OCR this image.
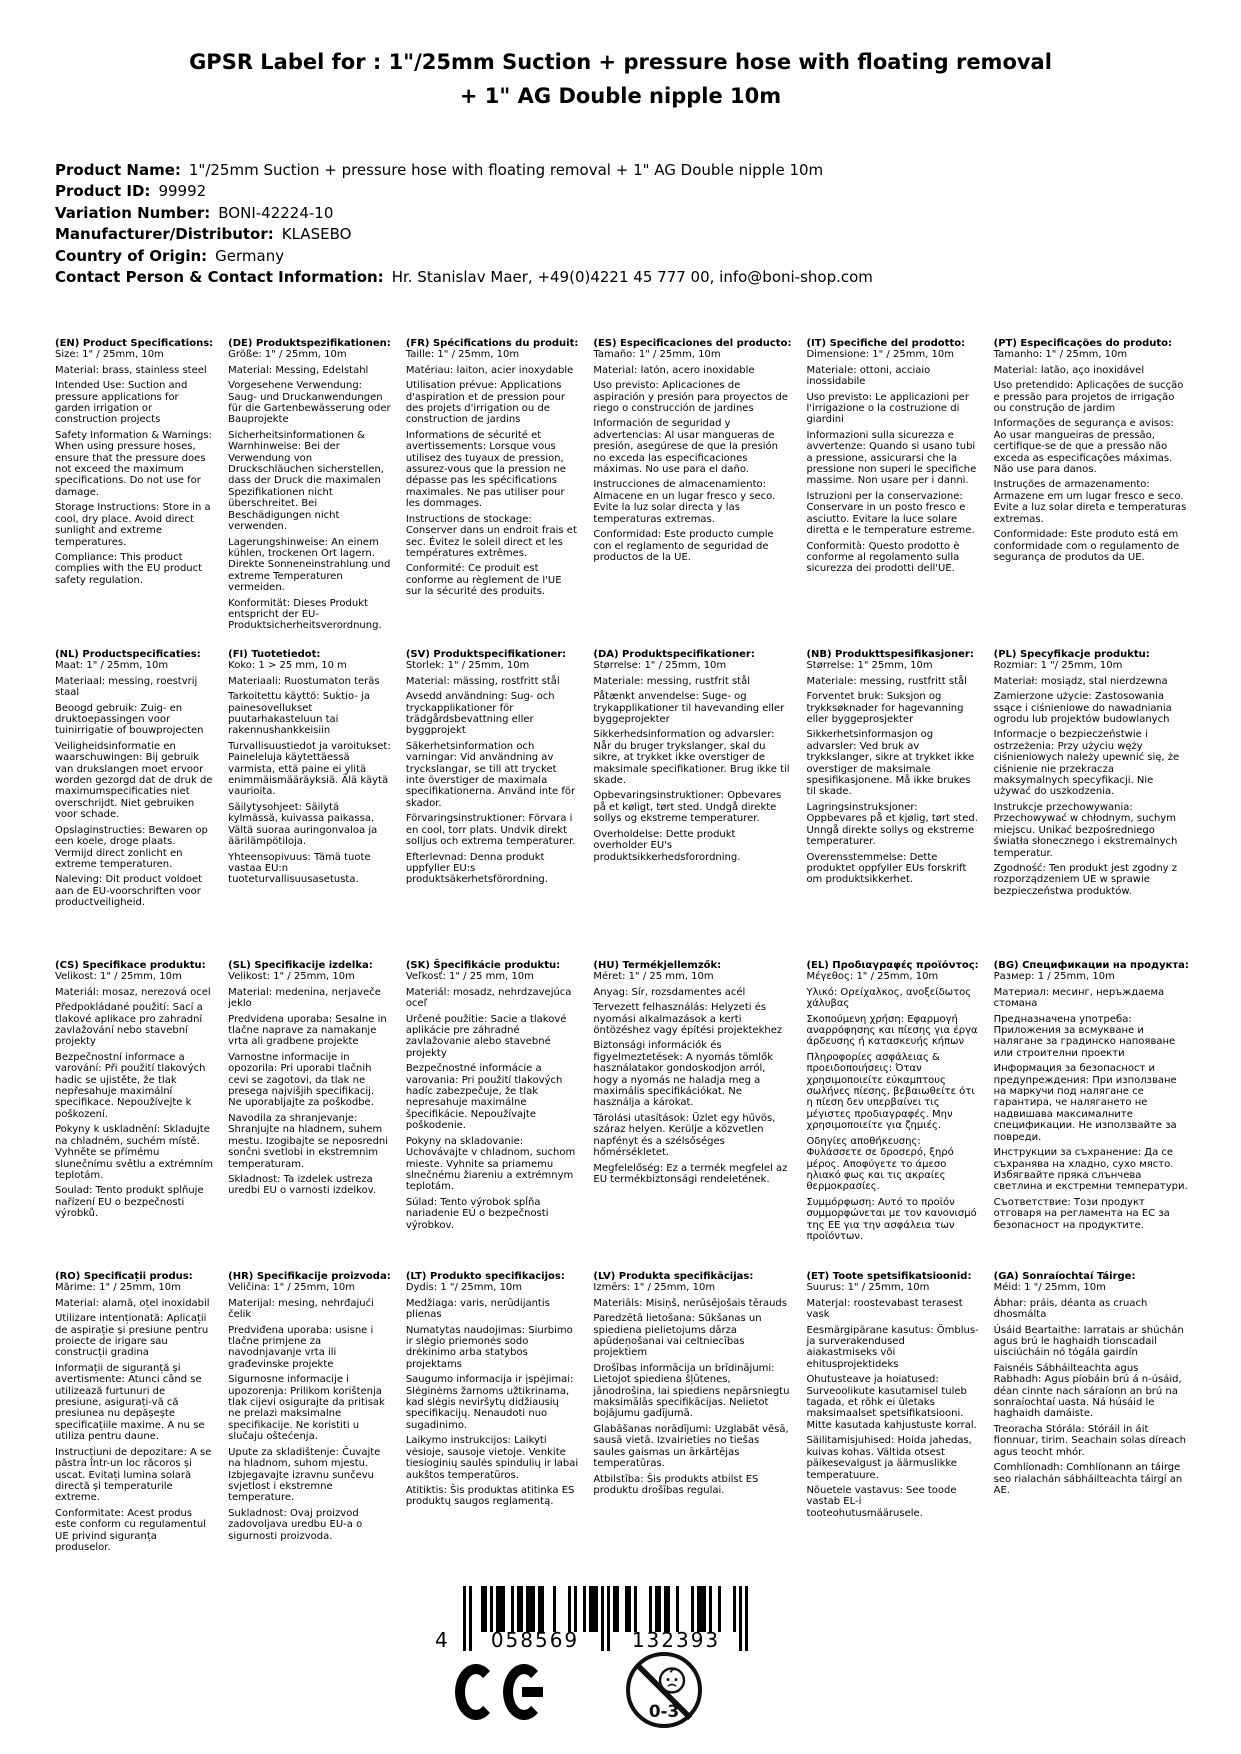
GPSR Label for : 1"/25mm Suction + pressure hose with floating removal + 1" AG Double nipple 10m
Product Name: 1"/25mm Suction + pressure hose with floating removal + 1" AG Double nipple 10m
Product ID: 99992
Variation Number: BONI-42224-10
Manufacturer/Distributor: KLASEBO
Country of Origin: Germany
Contact Person & Contact Information: Hr. Stanislav Maer, +49(0)4221 45 777 00, info@boni-shop.com
(EN) Product Specifications:

Size: 1" / 25mm, 10m

Material: brass, stainless steel

Intended Use: Suction and pressure applications for garden irrigation or construction projects

Safety Information & Warnings: When using pressure hoses, ensure that the pressure does not exceed the maximum specifications. Do not use for damage.

Storage Instructions: Store in a cool, dry place. Avoid direct sunlight and extreme temperatures.

Compliance: This product complies with the EU product safety regulation.

(DE) Produktspezifikationen:

Größe: 1" / 25mm, 10m

Material: Messing, Edelstahl

Vorgesehene Verwendung: Saug- und Druckanwendungen für die Gartenbewässerung oder Bauprojekte

Sicherheitsinformationen & Warnhinweise: Bei der Verwendung von Druckschläuchen sicherstellen, dass der Druck die maximalen Spezifikationen nicht überschreitet. Bei Beschädigungen nicht verwenden.

Lagerungshinweise: An einem kühlen, trockenen Ort lagern. Direkte Sonneneinstrahlung und extreme Temperaturen vermeiden.

Konformität: Dieses Produkt entspricht der EU-Produktsicherheitsverordnung.

(FR) Spécifications du produit:

Taille: 1" / 25mm, 10m

Matériau: laiton, acier inoxydable

Utilisation prévue: Applications d'aspiration et de pression pour des projets d'irrigation ou de construction de jardins

Informations de sécurité et avertissements: Lorsque vous utilisez des tuyaux de pression, assurez-vous que la pression ne dépasse pas les spécifications maximales. Ne pas utiliser pour les dommages.

Instructions de stockage: Conserver dans un endroit frais et sec. Évitez le soleil direct et les températures extrêmes.

Conformité: Ce produit est conforme au règlement de l'UE sur la sécurité des produits.

(ES) Especificaciones del producto:

Tamaño: 1" / 25mm, 10m

Material: latón, acero inoxidable

Uso previsto: Aplicaciones de aspiración y presión para proyectos de riego o construcción de jardines

Información de seguridad y advertencias: Al usar mangueras de presión, asegúrese de que la presión no exceda las especificaciones máximas. No use para el daño.

Instrucciones de almacenamiento: Almacene en un lugar fresco y seco. Evite la luz solar directa y las temperaturas extremas.

Conformidad: Este producto cumple con el reglamento de seguridad de productos de la UE.

(IT) Specifiche del prodotto:

Dimensione: 1" / 25mm, 10m

Materiale: ottoni, acciaio inossidabile

Uso previsto: Le applicazioni per l'irrigazione o la costruzione di giardini

Informazioni sulla sicurezza e avvertenze: Quando si usano tubi a pressione, assicurarsi che la pressione non superi le specifiche massime. Non usare per i danni.

Istruzioni per la conservazione: Conservare in un posto fresco e asciutto. Evitare la luce solare diretta e le temperature estreme.

Conformità: Questo prodotto è conforme al regolamento sulla sicurezza dei prodotti dell'UE.

(PT) Especificações do produto:

Tamanho: 1" / 25mm, 10m

Material: latão, aço inoxidável

Uso pretendido: Aplicações de sucção e pressão para projetos de irrigação ou construção de jardim

Informações de segurança e avisos: Ao usar mangueiras de pressão, certifique-se de que a pressão não exceda as especificações máximas. Não use para danos.

Instruções de armazenamento: Armazene em um lugar fresco e seco. Evite a luz solar direta e temperaturas extremas.

Conformidade: Este produto está em conformidade com o regulamento de segurança de produtos da UE.

(NL) Productspecificaties:

Maat: 1" / 25mm, 10m

Materiaal: messing, roestvrij staal

Beoogd gebruik: Zuig- en druktoepassingen voor tuinirrigatie of bouwprojecten

Veiligheidsinformatie en waarschuwingen: Bij gebruik van drukslangen moet ervoor worden gezorgd dat de druk de maximumspecificaties niet overschrijdt. Niet gebruiken voor schade.

Opslaginstructies: Bewaren op een koele, droge plaats. Vermijd direct zonlicht en extreme temperaturen.

Naleving: Dit product voldoet aan de EU-voorschriften voor productveiligheid.

(FI) Tuotetiedot:

Koko: 1 > 25 mm, 10 m

Materiaali: Ruostumaton teräs

Tarkoitettu käyttö: Suktio- ja painesovellukset puutarhakasteluun tai rakennushankkeisiin

Turvallisuustiedot ja varoitukset: Paineleluja käytettäessä varmista, että paine ei ylitä enimmäismääräyksiä. Älä käytä vaurioita.

Säilytysohjeet: Säilytä kylmässä, kuivassa paikassa. Vältä suoraa auringonvaloa ja äärilämpötiloja.

Yhteensopivuus: Tämä tuote vastaa EU:n tuoteturvallisuusasetusta.

(SV) Produktspecifikationer:

Storlek: 1" / 25mm, 10m

Material: mässing, rostfritt stål

Avsedd användning: Sug- och tryckapplikationer för trädgårdsbevattning eller byggprojekt

Säkerhetsinformation och varningar: Vid användning av tryckslangar, se till att trycket inte överstiger de maximala specifikationerna. Använd inte för skador.

Förvaringsinstruktioner: Förvara i en cool, torr plats. Undvik direkt solljus och extrema temperaturer.

Efterlevnad: Denna produkt uppfyller EU:s produktsäkerhetsförordning.

(DA) Produktspecifikationer:

Størrelse: 1" / 25mm, 10m

Materiale: messing, rustfrit stål

Påtænkt anvendelse: Suge- og trykapplikationer til havevanding eller byggeprojekter

Sikkerhedsinformation og advarsler: Når du bruger trykslanger, skal du sikre, at trykket ikke overstiger de maksimale specifikationer. Brug ikke til skade.

Opbevaringsinstruktioner: Opbevares på et køligt, tørt sted. Undgå direkte sollys og ekstreme temperaturer.

Overholdelse: Dette produkt overholder EU's produktsikkerhedsforordning.

(NB) Produkttspesifikasjoner:

Størrelse: 1" 25mm, 10m

Materiale: messing, rustfritt stål

Forventet bruk: Suksjon og trykksøknader for hagevanning eller byggeprosjekter

Sikkerhetsinformasjon og advarsler: Ved bruk av trykkslanger, sikre at trykket ikke overstiger de maksimale spesifikasjonene. Må ikke brukes til skade.

Lagringsinstruksjoner: Oppbevares på et kjølig, tørt sted. Unngå direkte sollys og ekstreme temperaturer.

Overensstemmelse: Dette produktet oppfyller EUs forskrift om produktsikkerhet.

(PL) Specyfikacje produktu:

Rozmiar: 1 "/ 25mm, 10m

Materiał: mosiądz, stal nierdzewna

Zamierzone użycie: Zastosowania ssące i ciśnieniowe do nawadniania ogrodu lub projektów budowlanych

Informacje o bezpieczeństwie i ostrzeżenia: Przy użyciu węży ciśnieniowych należy upewnić się, że ciśnienie nie przekracza maksymalnych specyfikacji. Nie używać do uszkodzenia.

Instrukcje przechowywania: Przechowywać w chłodnym, suchym miejscu. Unikać bezpośredniego światła słonecznego i ekstremalnych temperatur.

Zgodność: Ten produkt jest zgodny z rozporządzeniem UE w sprawie bezpieczeństwa produktów.

(CS) Specifikace produktu:

Velikost: 1" / 25mm, 10m

Materiál: mosaz, nerezová ocel

Předpokládané použití: Sací a tlakové aplikace pro zahradní zavlažování nebo stavební projekty

Bezpečnostní informace a varování: Při použití tlakových hadic se ujistěte, že tlak nepřesahuje maximální specifikace. Nepoužívejte k poškození.

Pokyny k uskladnění: Skladujte na chladném, suchém místě. Vyhněte se přímému slunečnímu světlu a extrémním teplotám.

Soulad: Tento produkt splňuje nařízení EU o bezpečnosti výrobků.

(SL) Specifikacije izdelka:

Velikost: 1" / 25mm, 10m

Material: medenina, nerjaveče jeklo

Predvidena uporaba: Sesalne in tlačne naprave za namakanje vrta ali gradbene projekte

Varnostne informacije in opozorila: Pri uporabi tlačnih cevi se zagotovi, da tlak ne presega najvišjih specifikacij. Ne uporabljajte za poškodbe.

Navodila za shranjevanje: Shranjujte na hladnem, suhem mestu. Izogibajte se neposredni sončni svetlobi in ekstremnim temperaturam.

Skladnost: Ta izdelek ustreza uredbi EU o varnosti izdelkov.

(SK) Špecifikácie produktu:

Veľkosť: 1" / 25 mm, 10m

Materiál: mosadz, nehrdzavejúca oceľ

Určené použitie: Sacie a tlakové aplikácie pre záhradné zavlažovanie alebo stavebné projekty

Bezpečnostné informácie a varovania: Pri použití tlakových hadíc zabezpečuje, že tlak nepresahuje maximálne špecifikácie. Nepoužívajte poškodenie.

Pokyny na skladovanie: Uchovávajte v chladnom, suchom mieste. Vyhnite sa priamemu slnečnému žiareniu a extrémnym teplotám.

Súlad: Tento výrobok spĺňa nariadenie EÚ o bezpečnosti výrobkov.

(HU) Termékjellemzők:

Méret: 1" / 25 mm, 10m

Anyag: Sír, rozsdamentes acél

Tervezett felhasználás: Helyzeti és nyomási alkalmazások a kerti öntözéshez vagy építési projektekhez

Biztonsági információk és figyelmeztetések: A nyomás tömlők használatakor gondoskodjon arról, hogy a nyomás ne haladja meg a maximális specifikációkat. Ne használja a károkat.

Tárolási utasítások: Üzlet egy hűvös, száraz helyen. Kerülje a közvetlen napfényt és a szélsőséges hőmérsékletet.

Megfelelőség: Ez a termék megfelel az EU termékbiztonsági rendeletének.

(EL) Προδιαγραφές προϊόντος:

Μέγεθος: 1" / 25mm, 10m

Υλικό: Ορείχαλκος, ανοξείδωτος χάλυβας

Σκοπούμενη χρήση: Εφαρμογή αναρρόφησης και πίεσης για έργα άρδευσης ή κατασκευής κήπων

Πληροφορίες ασφάλειας & προειδοποιήσεις: Όταν χρησιμοποιείτε εύκαμπτους σωλήνες πίεσης, βεβαιωθείτε ότι η πίεση δεν υπερβαίνει τις μέγιστες προδιαγραφές. Μην χρησιμοποιείτε για ζημιές.

Οδηγίες αποθήκευσης: Φυλάσσετε σε δροσερό, ξηρό μέρος. Αποφύγετε το άμεσο ηλιακό φως και τις ακραίες θερμοκρασίες.

Συμμόρφωση: Αυτό το προϊόν συμμορφώνεται με τον κανονισμό της ΕΕ για την ασφάλεια των προϊόντων.

(BG) Спецификации на продукта:

Размер: 1 / 25mm, 10m

Материал: месинг, неръждаема стомана

Предназначена употреба: Приложения за всмукване и налягане за градинско напояване или строителни проекти

Информация за безопасност и предупреждения: При използване на маркучи под налягане се гарантира, че налягането не надвишава максималните спецификации. Не използвайте за повреди.

Инструкции за съхранение: Да се съхранява на хладно, сухо място. Избягвайте пряка слънчева светлина и екстремни температури.

Съответствие: Този продукт отговаря на регламента на ЕС за безопасност на продуктите.

(RO) Specificații produs:

Mărime: 1" / 25mm, 10m

Material: alamă, oțel inoxidabil

Utilizare intenționată: Aplicații de aspirație și presiune pentru proiecte de irigare sau construcții gradina

Informații de siguranță și avertismente: Atunci când se utilizează furtunuri de presiune, asigurați-vă că presiunea nu depășește specificațiile maxime. A nu se utiliza pentru daune.

Instrucțiuni de depozitare: A se păstra într-un loc răcoros și uscat. Evitați lumina solară directă și temperaturile extreme.

Conformitate: Acest produs este conform cu regulamentul UE privind siguranța produselor.

(HR) Specifikacije proizvoda:

Veličina: 1" / 25mm, 10m

Materijal: mesing, nehrđajući čelik

Predviđena uporaba: usisne i tlačne primjene za navodnjavanje vrta ili građevinske projekte

Sigurnosne informacije i upozorenja: Prilikom korištenja tlak cijevi osigurajte da pritisak ne prelazi maksimalne specifikacije. Ne koristiti u slučaju oštećenja.

Upute za skladištenje: Čuvajte na hladnom, suhom mjestu. Izbjegavajte izravnu sunčevu svjetlost i ekstremne temperature.

Sukladnost: Ovaj proizvod zadovoljava uredbu EU-a o sigurnosti proizvoda.

(LT) Produkto specifikacijos:

Dydis: 1 "/ 25mm, 10m

Medžiaga: varis, nerūdijantis plienas

Numatytas naudojimas: Siurbimo ir slėgio priemonės sodo drėkinimo arba statybos projektams

Saugumo informacija ir įspėjimai: Slėginėms žarnoms užtikrinama, kad slėgis neviršytų didžiausių specifikacijų. Nenaudoti nuo sugadinimo.

Laikymo instrukcijos: Laikyti vėsioje, sausoje vietoje. Venkite tiesioginių saulės spindulių ir labai aukštos temperatūros.

Atitiktis: Šis produktas atitinka ES produktų saugos reglamentą.

(LV) Produkta specifikācijas:

Izmērs: 1" / 25mm, 10m

Materiāls: Misiņš, nerūsējošais tērauds

Paredzētā lietošana: Sūkšanas un spiediena pielietojums dārza apūdeņošanai vai celtniecības projektiem

Drošības informācija un brīdinājumi: Lietojot spiediena šļūtenes, jānodrošina, lai spiediens nepārsniegtu maksimālās specifikācijas. Nelietot bojājumu gadījumā.

Glabāšanas norādījumi: Uzglabāt vēsā, sausā vietā. Izvairieties no tiešas saules gaismas un ārkārtējas temperatūras.

Atbilstība: Šis produkts atbilst ES produktu drošības regulai.

(ET) Toote spetsifikatsioonid:

Suurus: 1" / 25mm, 10m

Materjal: roostevabast terasest vask

Eesmärgipärane kasutus: Ömblus- ja surverakendused aiakastmiseks või ehitusprojektideks

Ohutusteave ja hoiatused: Surveoolikute kasutamisel tuleb tagada, et rõhk ei ületaks maksimaalset spetsifikatsiooni. Mitte kasutada kahjustuste korral.

Säilitamisjuhised: Hoida jahedas, kuivas kohas. Vältida otsest päikesevalgust ja äärmuslikke temperatuure.

Nõuetele vastavus: See toode vastab EL-i tooteohutusmäärusele.

(GA) Sonraíochtaí Táirge:

Méid: 1 "/ 25mm, 10m

Ábhar: práis, déanta as cruach dhosmálta

Úsáid Beartaithe: Iarratais ar shúchán agus brú le haghaidh tionscadail uisciúcháin nó tógála gairdín

Faisnéis Sábháilteachta agus Rabhadh: Agus píobáin brú á n-úsáid, déan cinnte nach sáraíonn an brú na sonraíochtaí uasta. Ná húsáid le haghaidh damáiste.

Treoracha Stórála: Stóráil in áit fionnuar, tirim. Seachain solas díreach agus teocht mhór.

Comhlíonadh: Comhlíonann an táirge seo rialachán sábháilteachta táirgí an AE.

4	058569	132393
0-3
